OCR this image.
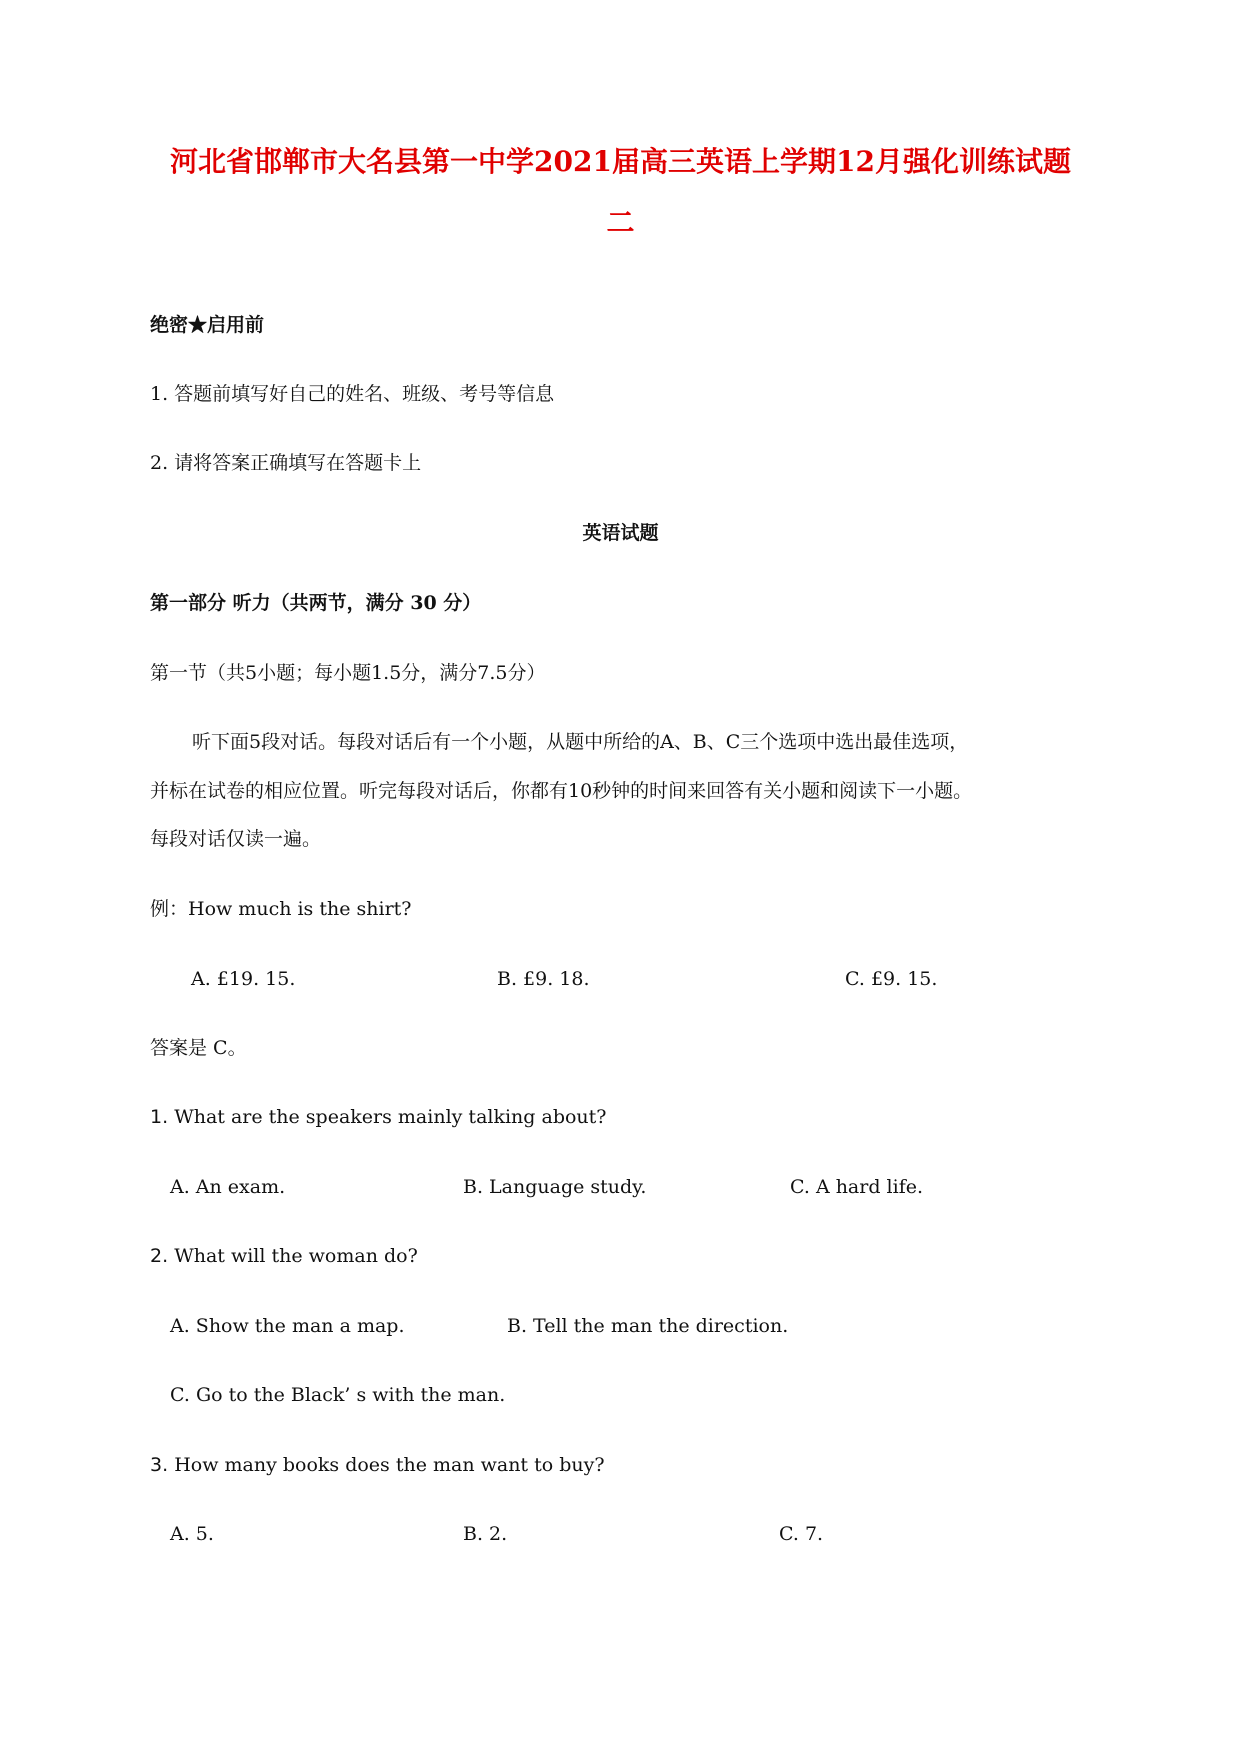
河北省邯郸市大名县第一中学2021届高三英语上学期12月强化训练试题
二
绝密★启用前
1. 答题前填写好自己的姓名、班级、考号等信息
2. 请将答案正确填写在答题卡上
英语试题
第一部分 听力（共两节，满分 30 分）
第一节（共5小题；每小题1.5分，满分7.5分）
听下面5段对话。每段对话后有一个小题，从题中所给的A、B、C三个选项中选出最佳选项，
并标在试卷的相应位置。听完每段对话后，你都有10秒钟的时间来回答有关小题和阅读下一小题。
每段对话仅读一遍。
例：How much is the shirt?
A. £19. 15.	B. £9. 18.	C. £9. 15.
答案是 C。
1. What are the speakers mainly talking about?
A. An exam.	B. Language study.	C. A hard life.
2. What will the woman do?
A. Show the man a map.	B. Tell the man the direction.
C. Go to the Black’ s with the man.
3. How many books does the man want to buy?
A. 5.	B. 2.	C. 7.
